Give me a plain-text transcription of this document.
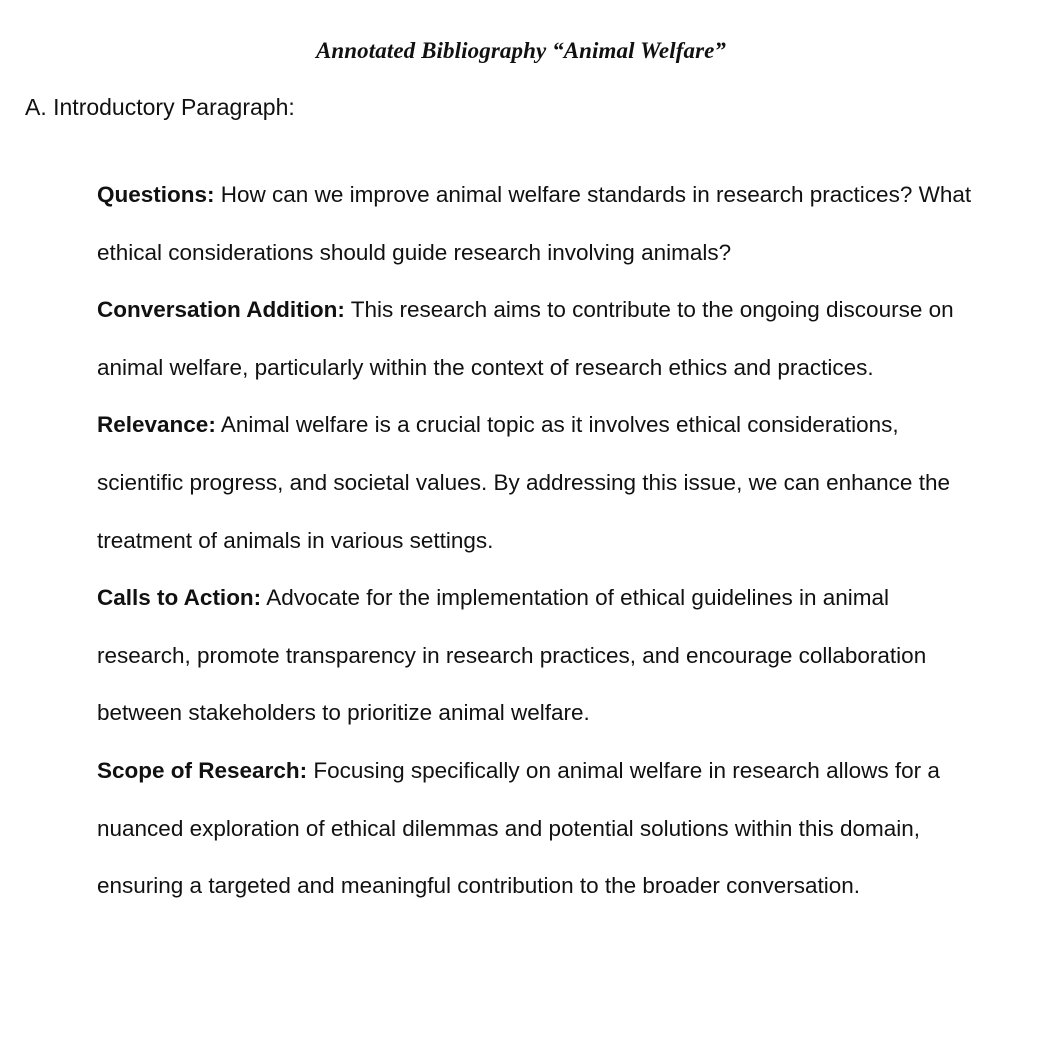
Annotated Bibliography “Animal Welfare”
A. Introductory Paragraph:

Questions: How can we improve animal welfare standards in research practices? What ethical considerations should guide research involving animals?

Conversation Addition: This research aims to contribute to the ongoing discourse on animal welfare, particularly within the context of research ethics and practices.

Relevance: Animal welfare is a crucial topic as it involves ethical considerations, scientific progress, and societal values. By addressing this issue, we can enhance the treatment of animals in various settings.

Calls to Action: Advocate for the implementation of ethical guidelines in animal research, promote transparency in research practices, and encourage collaboration between stakeholders to prioritize animal welfare.

Scope of Research: Focusing specifically on animal welfare in research allows for a nuanced exploration of ethical dilemmas and potential solutions within this domain, ensuring a targeted and meaningful contribution to the broader conversation.
